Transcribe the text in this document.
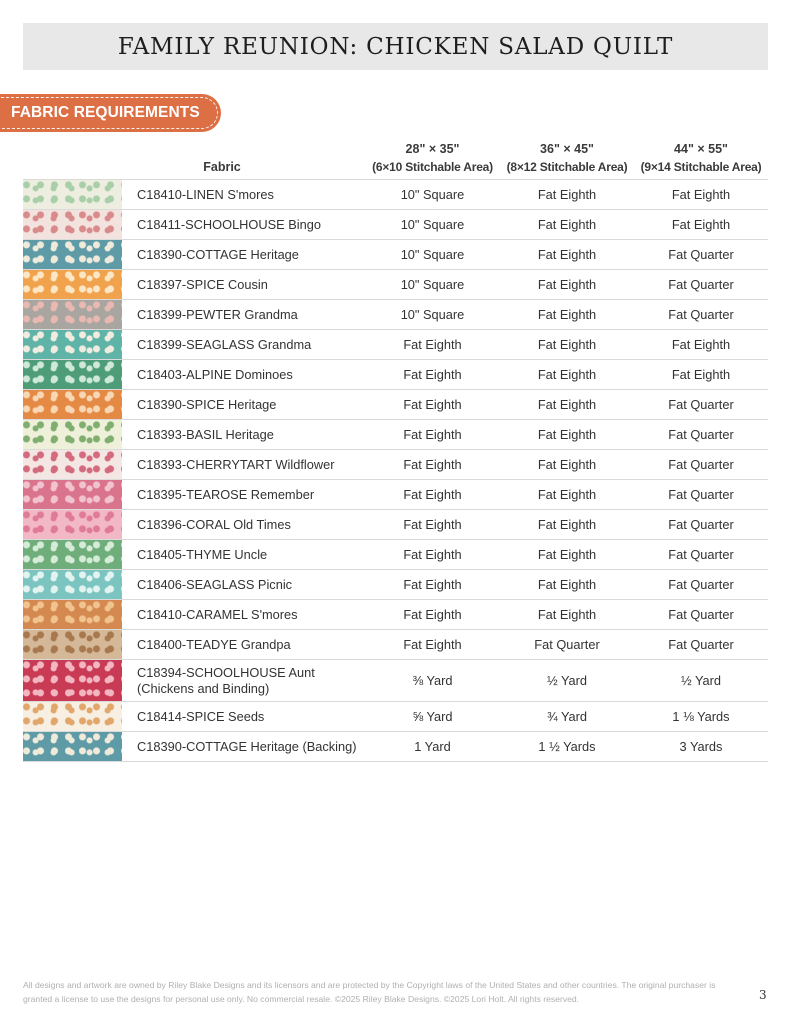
FAMILY REUNION: CHICKEN SALAD QUILT
FABRIC REQUIREMENTS
Fabric
28" × 35"
(6×10 Stitchable Area)
36" × 45"
(8×12 Stitchable Area)
44" × 55"
(9×14 Stitchable Area)
C18410-LINEN S'mores	10" Square	Fat Eighth	Fat Eighth
C18411-SCHOOLHOUSE Bingo	10" Square	Fat Eighth	Fat Eighth
C18390-COTTAGE Heritage	10" Square	Fat Eighth	Fat Quarter
C18397-SPICE Cousin	10" Square	Fat Eighth	Fat Quarter
C18399-PEWTER Grandma	10" Square	Fat Eighth	Fat Quarter
C18399-SEAGLASS Grandma	Fat Eighth	Fat Eighth	Fat Eighth
C18403-ALPINE Dominoes	Fat Eighth	Fat Eighth	Fat Eighth
C18390-SPICE Heritage	Fat Eighth	Fat Eighth	Fat Quarter
C18393-BASIL Heritage	Fat Eighth	Fat Eighth	Fat Quarter
C18393-CHERRYTART Wildflower	Fat Eighth	Fat Eighth	Fat Quarter
C18395-TEAROSE Remember	Fat Eighth	Fat Eighth	Fat Quarter
C18396-CORAL Old Times	Fat Eighth	Fat Eighth	Fat Quarter
C18405-THYME Uncle	Fat Eighth	Fat Eighth	Fat Quarter
C18406-SEAGLASS Picnic	Fat Eighth	Fat Eighth	Fat Quarter
C18410-CARAMEL S'mores	Fat Eighth	Fat Eighth	Fat Quarter
C18400-TEADYE Grandpa	Fat Eighth	Fat Quarter	Fat Quarter
C18394-SCHOOLHOUSE Aunt
(Chickens and Binding)	⅜ Yard	½ Yard	½ Yard
C18414-SPICE Seeds	⅝ Yard	¾ Yard	1 ⅛ Yards
C18390-COTTAGE Heritage (Backing)	1 Yard	1 ½ Yards	3 Yards
All designs and artwork are owned by Riley Blake Designs and its licensors and are protected by the Copyright laws of the United States and other countries. The original purchaser is granted a license to use the designs for personal use only. No commercial resale. ©2025 Riley Blake Designs. ©2025 Lori Holt. All rights reserved.	3
